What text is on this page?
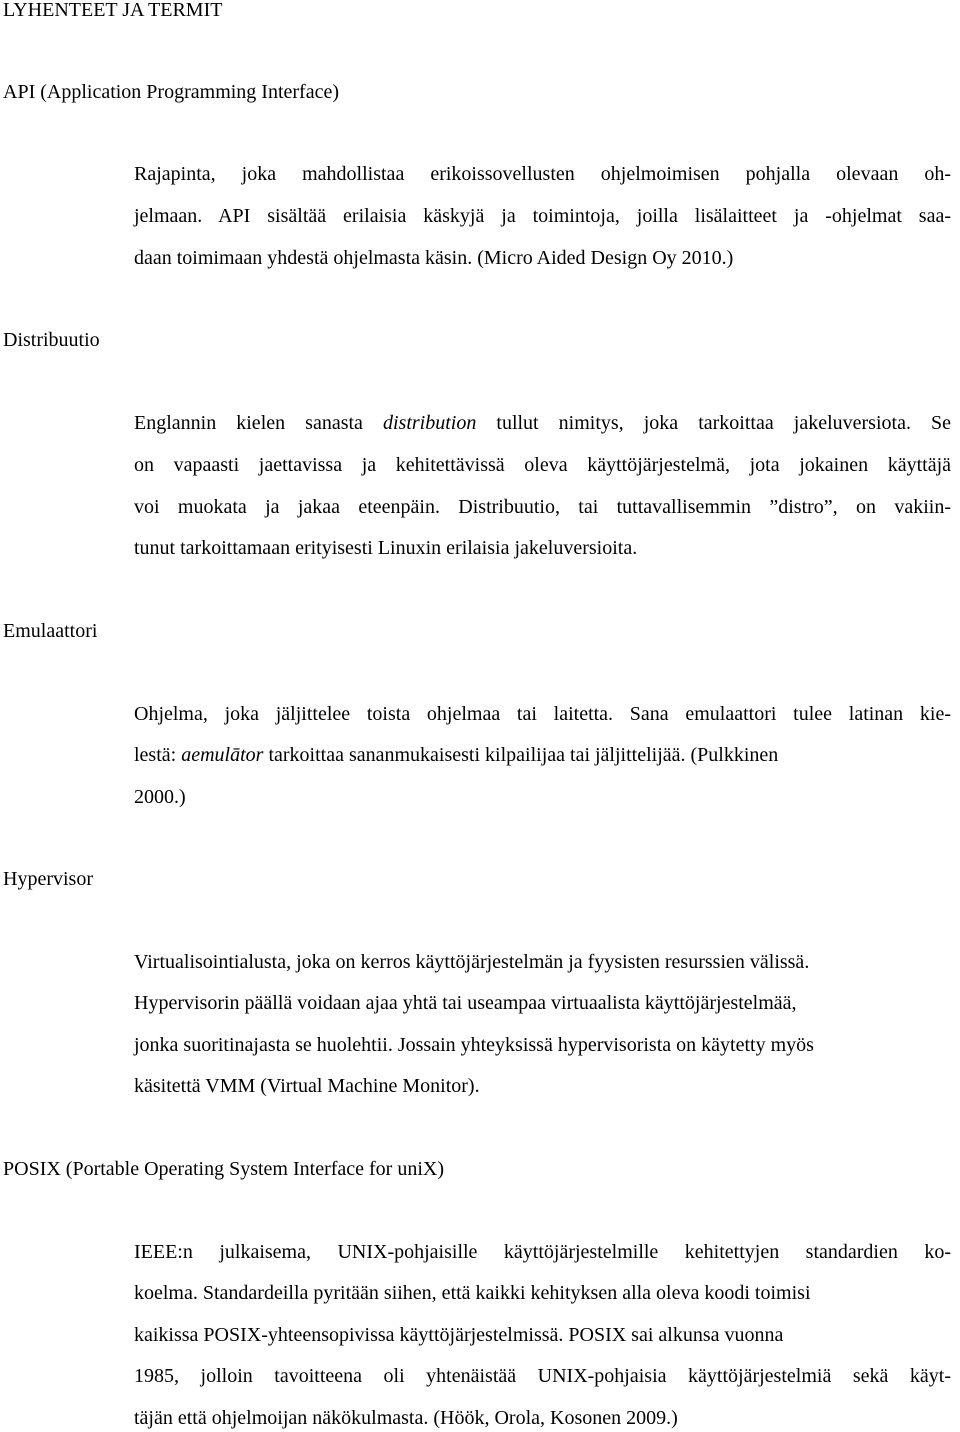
LYHENTEET JA TERMIT
API (Application Programming Interface)
Rajapinta, joka mahdollistaa erikoissovellusten ohjelmoimisen pohjalla olevaan oh-
jelmaan. API sisältää erilaisia käskyjä ja toimintoja, joilla lisälaitteet ja -ohjelmat saa-
daan toimimaan yhdestä ohjelmasta käsin. (Micro Aided Design Oy 2010.)
Distribuutio
Englannin kielen sanasta distribution tullut nimitys, joka tarkoittaa jakeluversiota. Se
on vapaasti jaettavissa ja kehitettävissä oleva käyttöjärjestelmä, jota jokainen käyttäjä
voi muokata ja jakaa eteenpäin. Distribuutio, tai tuttavallisemmin ”distro”, on vakiin-
tunut tarkoittamaan erityisesti Linuxin erilaisia jakeluversioita.
Emulaattori
Ohjelma, joka jäljittelee toista ohjelmaa tai laitetta. Sana emulaattori tulee latinan kie-
lestä: aemulātor tarkoittaa sananmukaisesti kilpailijaa tai jäljittelijää. (Pulkkinen
2000.)
Hypervisor
Virtualisointialusta, joka on kerros käyttöjärjestelmän ja fyysisten resurssien välissä.
Hypervisorin päällä voidaan ajaa yhtä tai useampaa virtuaalista käyttöjärjestelmää,
jonka suoritinajasta se huolehtii. Jossain yhteyksissä hypervisorista on käytetty myös
käsitettä VMM (Virtual Machine Monitor).
POSIX (Portable Operating System Interface for uniX)
IEEE:n julkaisema, UNIX-pohjaisille käyttöjärjestelmille kehitettyjen standardien ko-
koelma. Standardeilla pyritään siihen, että kaikki kehityksen alla oleva koodi toimisi
kaikissa POSIX-yhteensopivissa käyttöjärjestelmissä. POSIX sai alkunsa vuonna
1985, jolloin tavoitteena oli yhtenäistää UNIX-pohjaisia käyttöjärjestelmiä sekä käyt-
täjän että ohjelmoijan näkökulmasta. (Höök, Orola, Kosonen 2009.)
